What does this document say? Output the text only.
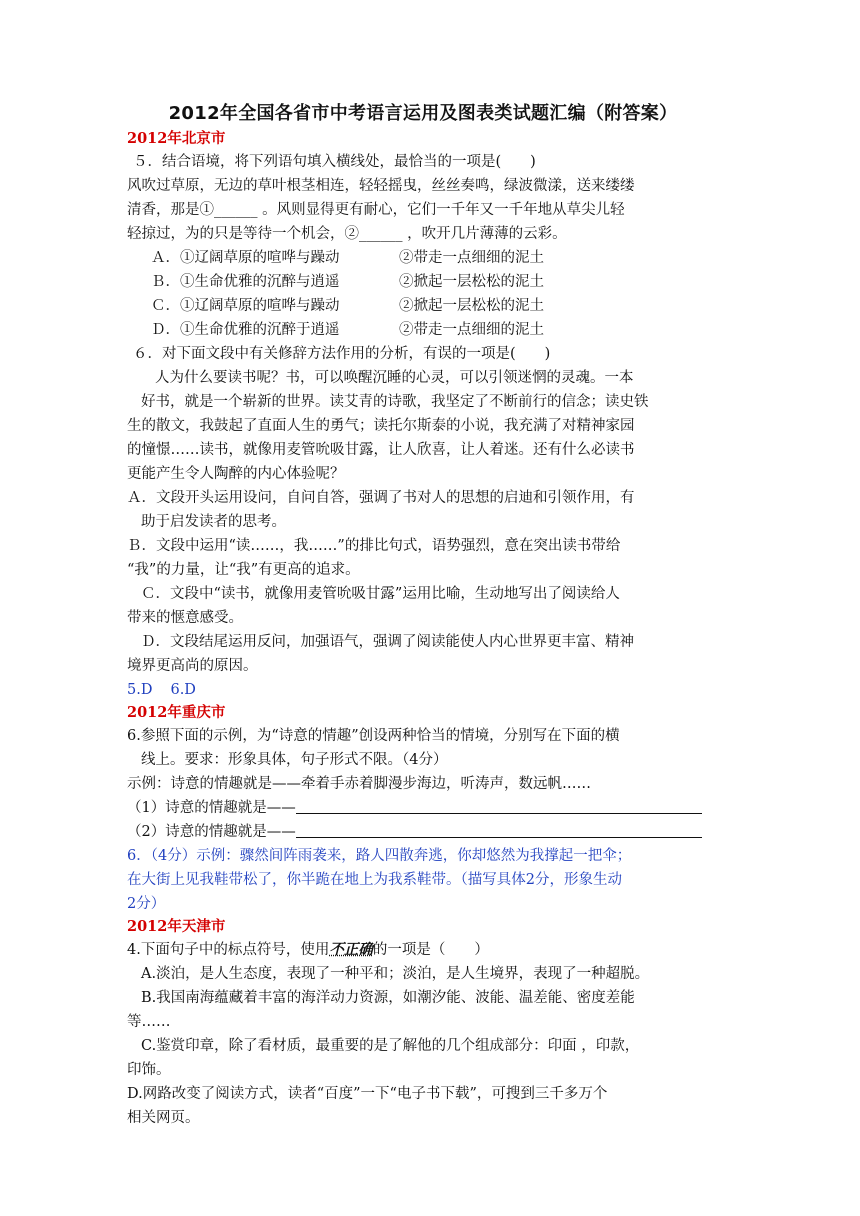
2012年全国各省市中考语言运用及图表类试题汇编（附答案）
2012年北京市
５．结合语境，将下列语句填入横线处，最恰当的一项是(　　)
风吹过草原，无边的草叶根茎相连，轻轻摇曳，丝丝奏鸣，绿波微漾，送来缕缕
清香，那是①______ 。风则显得更有耐心，它们一千年又一千年地从草尖儿轻
轻掠过，为的只是等待一个机会，②______ ，吹开几片薄薄的云彩。
Ａ．①辽阔草原的喧哗与躁动	②带走一点细细的泥土
Ｂ．①生命优雅的沉醉与逍遥	②掀起一层松松的泥土
Ｃ．①辽阔草原的喧哗与躁动	②掀起一层松松的泥土
Ｄ．①生命优雅的沉醉于逍遥	②带走一点细细的泥土
６．对下面文段中有关修辞方法作用的分析，有误的一项是(　　)
人为什么要读书呢？书，可以唤醒沉睡的心灵，可以引领迷惘的灵魂。一本
好书，就是一个崭新的世界。读艾青的诗歌，我坚定了不断前行的信念；读史铁
生的散文，我鼓起了直面人生的勇气；读托尔斯泰的小说，我充满了对精神家园
的憧憬……读书，就像用麦管吮吸甘露，让人欣喜，让人着迷。还有什么必读书
更能产生令人陶醉的内心体验呢？
Ａ．文段开头运用设问，自问自答，强调了书对人的思想的启迪和引领作用，有
助于启发读者的思考。
Ｂ．文段中运用“读……，我……”的排比句式，语势强烈，意在突出读书带给
“我”的力量，让“我”有更高的追求。
Ｃ．文段中“读书，就像用麦管吮吸甘露”运用比喻，生动地写出了阅读给人
带来的惬意感受。
Ｄ．文段结尾运用反问，加强语气，强调了阅读能使人内心世界更丰富、精神
境界更高尚的原因。
5.D 6.D
2012年重庆市
6.参照下面的示例，为“诗意的情趣”创设两种恰当的情境，分别写在下面的横
线上。要求：形象具体，句子形式不限。（4分）
示例：诗意的情趣就是——牵着手赤着脚漫步海边，听涛声，数远帆……
（1）诗意的情趣就是——
（2）诗意的情趣就是——
6．（4分）示例：骤然间阵雨袭来，路人四散奔逃，你却悠然为我撑起一把伞；
在大街上见我鞋带松了，你半跪在地上为我系鞋带。（描写具体2分，形象生动
2分）
2012年天津市
4.下面句子中的标点符号，使用不正确的一项是（　　）
A.淡泊，是人生态度，表现了一种平和；淡泊，是人生境界，表现了一种超脱。
B.我国南海蕴藏着丰富的海洋动力资源，如潮汐能、波能、温差能、密度差能
等……
C.鉴赏印章，除了看材质，最重要的是了解他的几个组成部分：印面 ，印款，
印饰。
D.网路改变了阅读方式，读者“百度”一下“电子书下载”，可搜到三千多万个
相关网页。
